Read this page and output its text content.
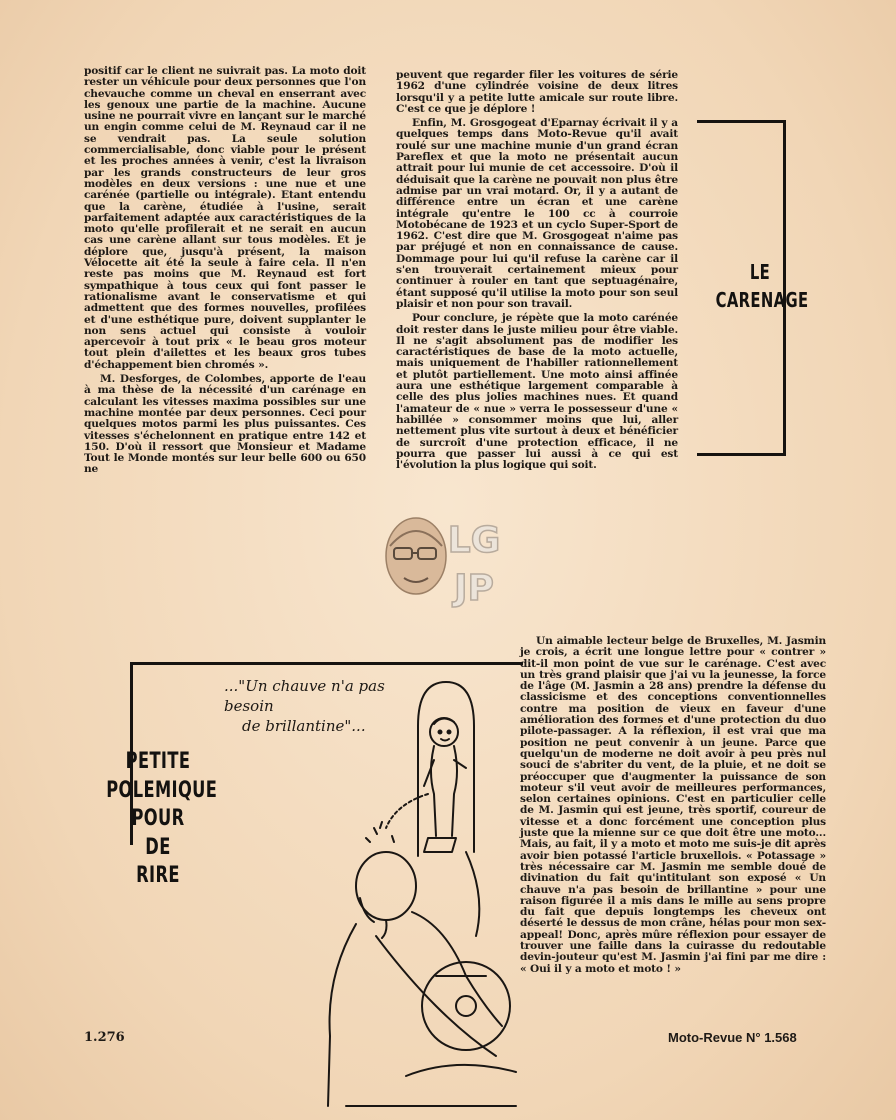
positif car le client ne suivrait pas. La moto doit rester un véhicule pour deux personnes que l'on chevauche comme un cheval en enserrant avec les genoux une partie de la machine. Aucune usine ne pourrait vivre en lançant sur le marché un engin comme celui de M. Reynaud car il ne se vendrait pas. La seule solution commercialisable, donc viable pour le présent et les proches années à venir, c'est la livraison par les grands constructeurs de leur gros modèles en deux versions : une nue et une carénée (partielle ou intégrale). Etant entendu que la carène, étudiée à l'usine, serait parfaitement adaptée aux caractéristiques de la moto qu'elle profilerait et ne serait en aucun cas une carène allant sur tous modèles. Et je déplore que, jusqu'à présent, la maison Vélocette ait été la seule à faire cela. Il n'en reste pas moins que M. Reynaud est fort sympathique à tous ceux qui font passer le rationalisme avant le conservatisme et qui admettent que des formes nouvelles, profilées et d'une esthétique pure, doivent supplanter le non sens actuel qui consiste à vouloir apercevoir à tout prix « le beau gros moteur tout plein d'ailettes et les beaux gros tubes d'échappement bien chromés ».

M. Desforges, de Colombes, apporte de l'eau à ma thèse de la nécessité d'un carénage en calculant les vitesses maxima possibles sur une machine montée par deux personnes. Ceci pour quelques motos parmi les plus puissantes. Ces vitesses s'échelonnent en pratique entre 142 et 150. D'où il ressort que Monsieur et Madame Tout le Monde montés sur leur belle 600 ou 650 ne

peuvent que regarder filer les voitures de série 1962 d'une cylindrée voisine de deux litres lorsqu'il y a petite lutte amicale sur route libre. C'est ce que je déplore !

Enfin, M. Grosgogeat d'Eparnay écrivait il y a quelques temps dans Moto-Revue qu'il avait roulé sur une machine munie d'un grand écran Pareflex et que la moto ne présentait aucun attrait pour lui munie de cet accessoire. D'où il déduisait que la carène ne pouvait non plus être admise par un vrai motard. Or, il y a autant de différence entre un écran et une carène intégrale qu'entre le 100 cc à courroie Motobécane de 1923 et un cyclo Super-Sport de 1962. C'est dire que M. Grosgogeat n'aime pas par préjugé et non en connaissance de cause. Dommage pour lui qu'il refuse la carène car il s'en trouverait certainement mieux pour continuer à rouler en tant que septuagénaire, étant supposé qu'il utilise la moto pour son seul plaisir et non pour son travail.

Pour conclure, je répète que la moto carénée doit rester dans le juste milieu pour être viable. Il ne s'agit absolument pas de modifier les caractéristiques de base de la moto actuelle, mais uniquement de l'habiller rationnellement et plutôt partiellement. Une moto ainsi affinée aura une esthétique largement comparable à celle des plus jolies machines nues. Et quand l'amateur de « nue » verra le possesseur d'une « habillée » consommer moins que lui, aller nettement plus vite surtout à deux et bénéficier de surcroît d'une protection efficace, il ne pourra que passer lui aussi à ce qui est l'évolution la plus logique qui soit.

LE
CARENAGE
LG
JP

Un aimable lecteur belge de Bruxelles, M. Jasmin je crois, a écrit une longue lettre pour « contrer » dit-il mon point de vue sur le carénage. C'est avec un très grand plaisir que j'ai vu la jeunesse, la force de l'âge (M. Jasmin a 28 ans) prendre la défense du classicisme et des conceptions conventionnelles contre ma position de vieux en faveur d'une amélioration des formes et d'une protection du duo pilote-passager. A la réflexion, il est vrai que ma position ne peut convenir à un jeune. Parce que quelqu'un de moderne ne doit avoir à peu près nul souci de s'abriter du vent, de la pluie, et ne doit se préoccuper que d'augmenter la puissance de son moteur s'il veut avoir de meilleures performances, selon certaines opinions. C'est en particulier celle de M. Jasmin qui est jeune, très sportif, coureur de vitesse et a donc forcément une conception plus juste que la mienne sur ce que doit être une moto... Mais, au fait, il y a moto et moto me suis-je dit après avoir bien potassé l'article bruxellois. « Potassage » très nécessaire car M. Jasmin me semble doué de divination du fait qu'intitulant son exposé « Un chauve n'a pas besoin de brillantine » pour une raison figurée il a mis dans le mille au sens propre du fait que depuis longtemps les cheveux ont déserté le dessus de mon crâne, hélas pour mon sex-appeal! Donc, après mûre réflexion pour essayer de trouver une faille dans la cuirasse du redoutable devin-jouteur qu'est M. Jasmin j'ai fini par me dire : « Oui il y a moto et moto ! »

PETITE
POLEMIQUE
POUR
DE
RIRE
..."Un chauve n'a pas besoin
de brillantine"...
1.276	Moto-Revue N° 1.568
